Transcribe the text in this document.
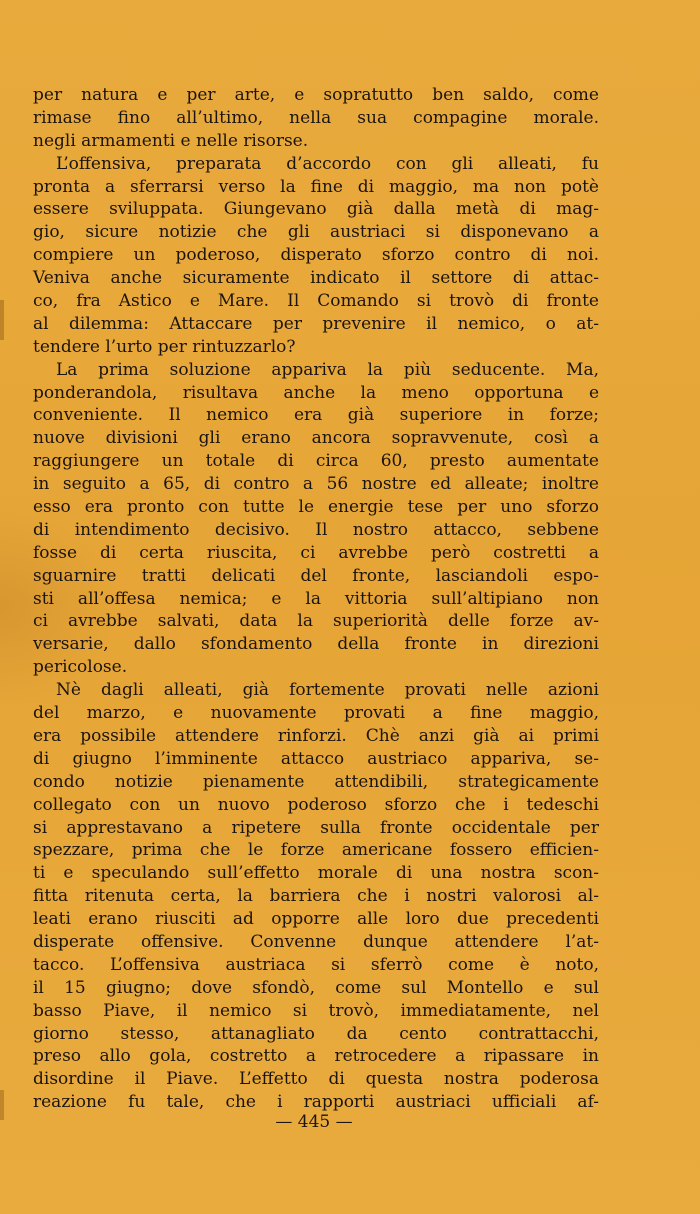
per natura e per arte, e sopratutto ben saldo, come
rimase fino all’ultimo, nella sua compagine morale.
negli armamenti e nelle risorse.
L’offensiva, preparata d’accordo con gli alleati, fu
pronta a sferrarsi verso la fine di maggio, ma non potè
essere sviluppata. Giungevano già dalla metà di mag-
gio, sicure notizie che gli austriaci si disponevano a
compiere un poderoso, disperato sforzo contro di noi.
Veniva anche sicuramente indicato il settore di attac-
co, fra Astico e Mare. Il Comando si trovò di fronte
al dilemma: Attaccare per prevenire il nemico, o at-
tendere l’urto per rintuzzarlo?
La prima soluzione appariva la più seducente. Ma,
ponderandola, risultava anche la meno opportuna e
conveniente. Il nemico era già superiore in forze;
nuove divisioni gli erano ancora sopravvenute, così a
raggiungere un totale di circa 60, presto aumentate
in seguito a 65, di contro a 56 nostre ed alleate; inoltre
esso era pronto con tutte le energie tese per uno sforzo
di intendimento decisivo. Il nostro attacco, sebbene
fosse di certa riuscita, ci avrebbe però costretti a
sguarnire tratti delicati del fronte, lasciandoli espo-
sti all’offesa nemica; e la vittoria sull’altipiano non
ci avrebbe salvati, data la superiorità delle forze av-
versarie, dallo sfondamento della fronte in direzioni
pericolose.
Nè dagli alleati, già fortemente provati nelle azioni
del marzo, e nuovamente provati a fine maggio,
era possibile attendere rinforzi. Chè anzi già ai primi
di giugno l’imminente attacco austriaco appariva, se-
condo notizie pienamente attendibili, strategicamente
collegato con un nuovo poderoso sforzo che i tedeschi
si apprestavano a ripetere sulla fronte occidentale per
spezzare, prima che le forze americane fossero efficien-
ti e speculando sull’effetto morale di una nostra scon-
fitta ritenuta certa, la barriera che i nostri valorosi al-
leati erano riusciti ad opporre alle loro due precedenti
disperate offensive. Convenne dunque attendere l’at-
tacco. L’offensiva austriaca si sferrò come è noto,
il 15 giugno; dove sfondò, come sul Montello e sul
basso Piave, il nemico si trovò, immediatamente, nel
giorno stesso, attanagliato da cento contrattacchi,
preso allo gola, costretto a retrocedere a ripassare in
disordine il Piave. L’effetto di questa nostra poderosa
reazione fu tale, che i rapporti austriaci ufficiali af-
— 445 —
